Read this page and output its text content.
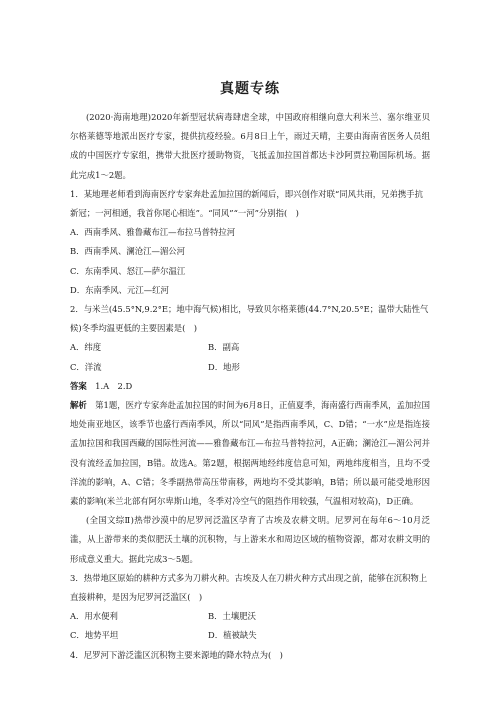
真题专练

(2020·海南地理)2020年新型冠状病毒肆虐全球，中国政府相继向意大利米兰、塞尔维亚贝尔格莱德等地派出医疗专家，提供抗疫经验。6月8日上午，雨过天晴，主要由海南省医务人员组成的中国医疗专家组，携带大批医疗援助物资，飞抵孟加拉国首都达卡沙阿贾拉勒国际机场。据此完成1～2题。

1．某地理老师看到海南医疗专家奔赴孟加拉国的新闻后，即兴创作对联“同风共雨，兄弟携手抗新冠；一河相通，我首你尾心相连”。“同风”“一河”分别指(　)

A．西南季风、雅鲁藏布江—布拉马普特拉河

B．西南季风、澜沧江—湄公河

C．东南季风、怒江—萨尔温江

D．东南季风、元江—红河

2．与米兰(45.5°N,9.2°E；地中海气候)相比，导致贝尔格莱德(44.7°N,20.5°E；温带大陆性气候)冬季均温更低的主要因素是(　)

A．纬度	B．副高
C．洋流	D．地形

答案　 1.A　2.D

解析　 第1题，医疗专家奔赴孟加拉国的时间为6月8日，正值夏季，海南盛行西南季风，孟加拉国地处南亚地区，该季节也盛行西南季风，所以“同风”是指西南季风，C、D错；“一水”应是指连接孟加拉国和我国西藏的国际性河流——雅鲁藏布江—布拉马普特拉河，A正确；澜沧江—湄公河并没有流经孟加拉国，B错。故选A。第2题，根据两地经纬度信息可知，两地纬度相当，且均不受洋流的影响，A、C错；冬季副热带高压带南移，两地均不受其影响，B错；所以最可能受地形因素的影响(米兰北部有阿尔卑斯山地，冬季对冷空气的阻挡作用较强，气温相对较高)，D正确。

(全国文综Ⅱ)热带沙漠中的尼罗河泛滥区孕育了古埃及农耕文明。尼罗河在每年6～10月泛滥，从上游带来的类似肥沃土壤的沉积物，与上游来水和周边区域的植物资源，都对农耕文明的形成意义重大。据此完成3～5题。

3．热带地区原始的耕种方式多为刀耕火种。古埃及人在刀耕火种方式出现之前，能够在沉积物上直接耕种，是因为尼罗河泛滥区(　)

A．用水便利	B．土壤肥沃
C．地势平坦	D．植被缺失

4．尼罗河下游泛滥区沉积物主要来源地的降水特点为(　)
